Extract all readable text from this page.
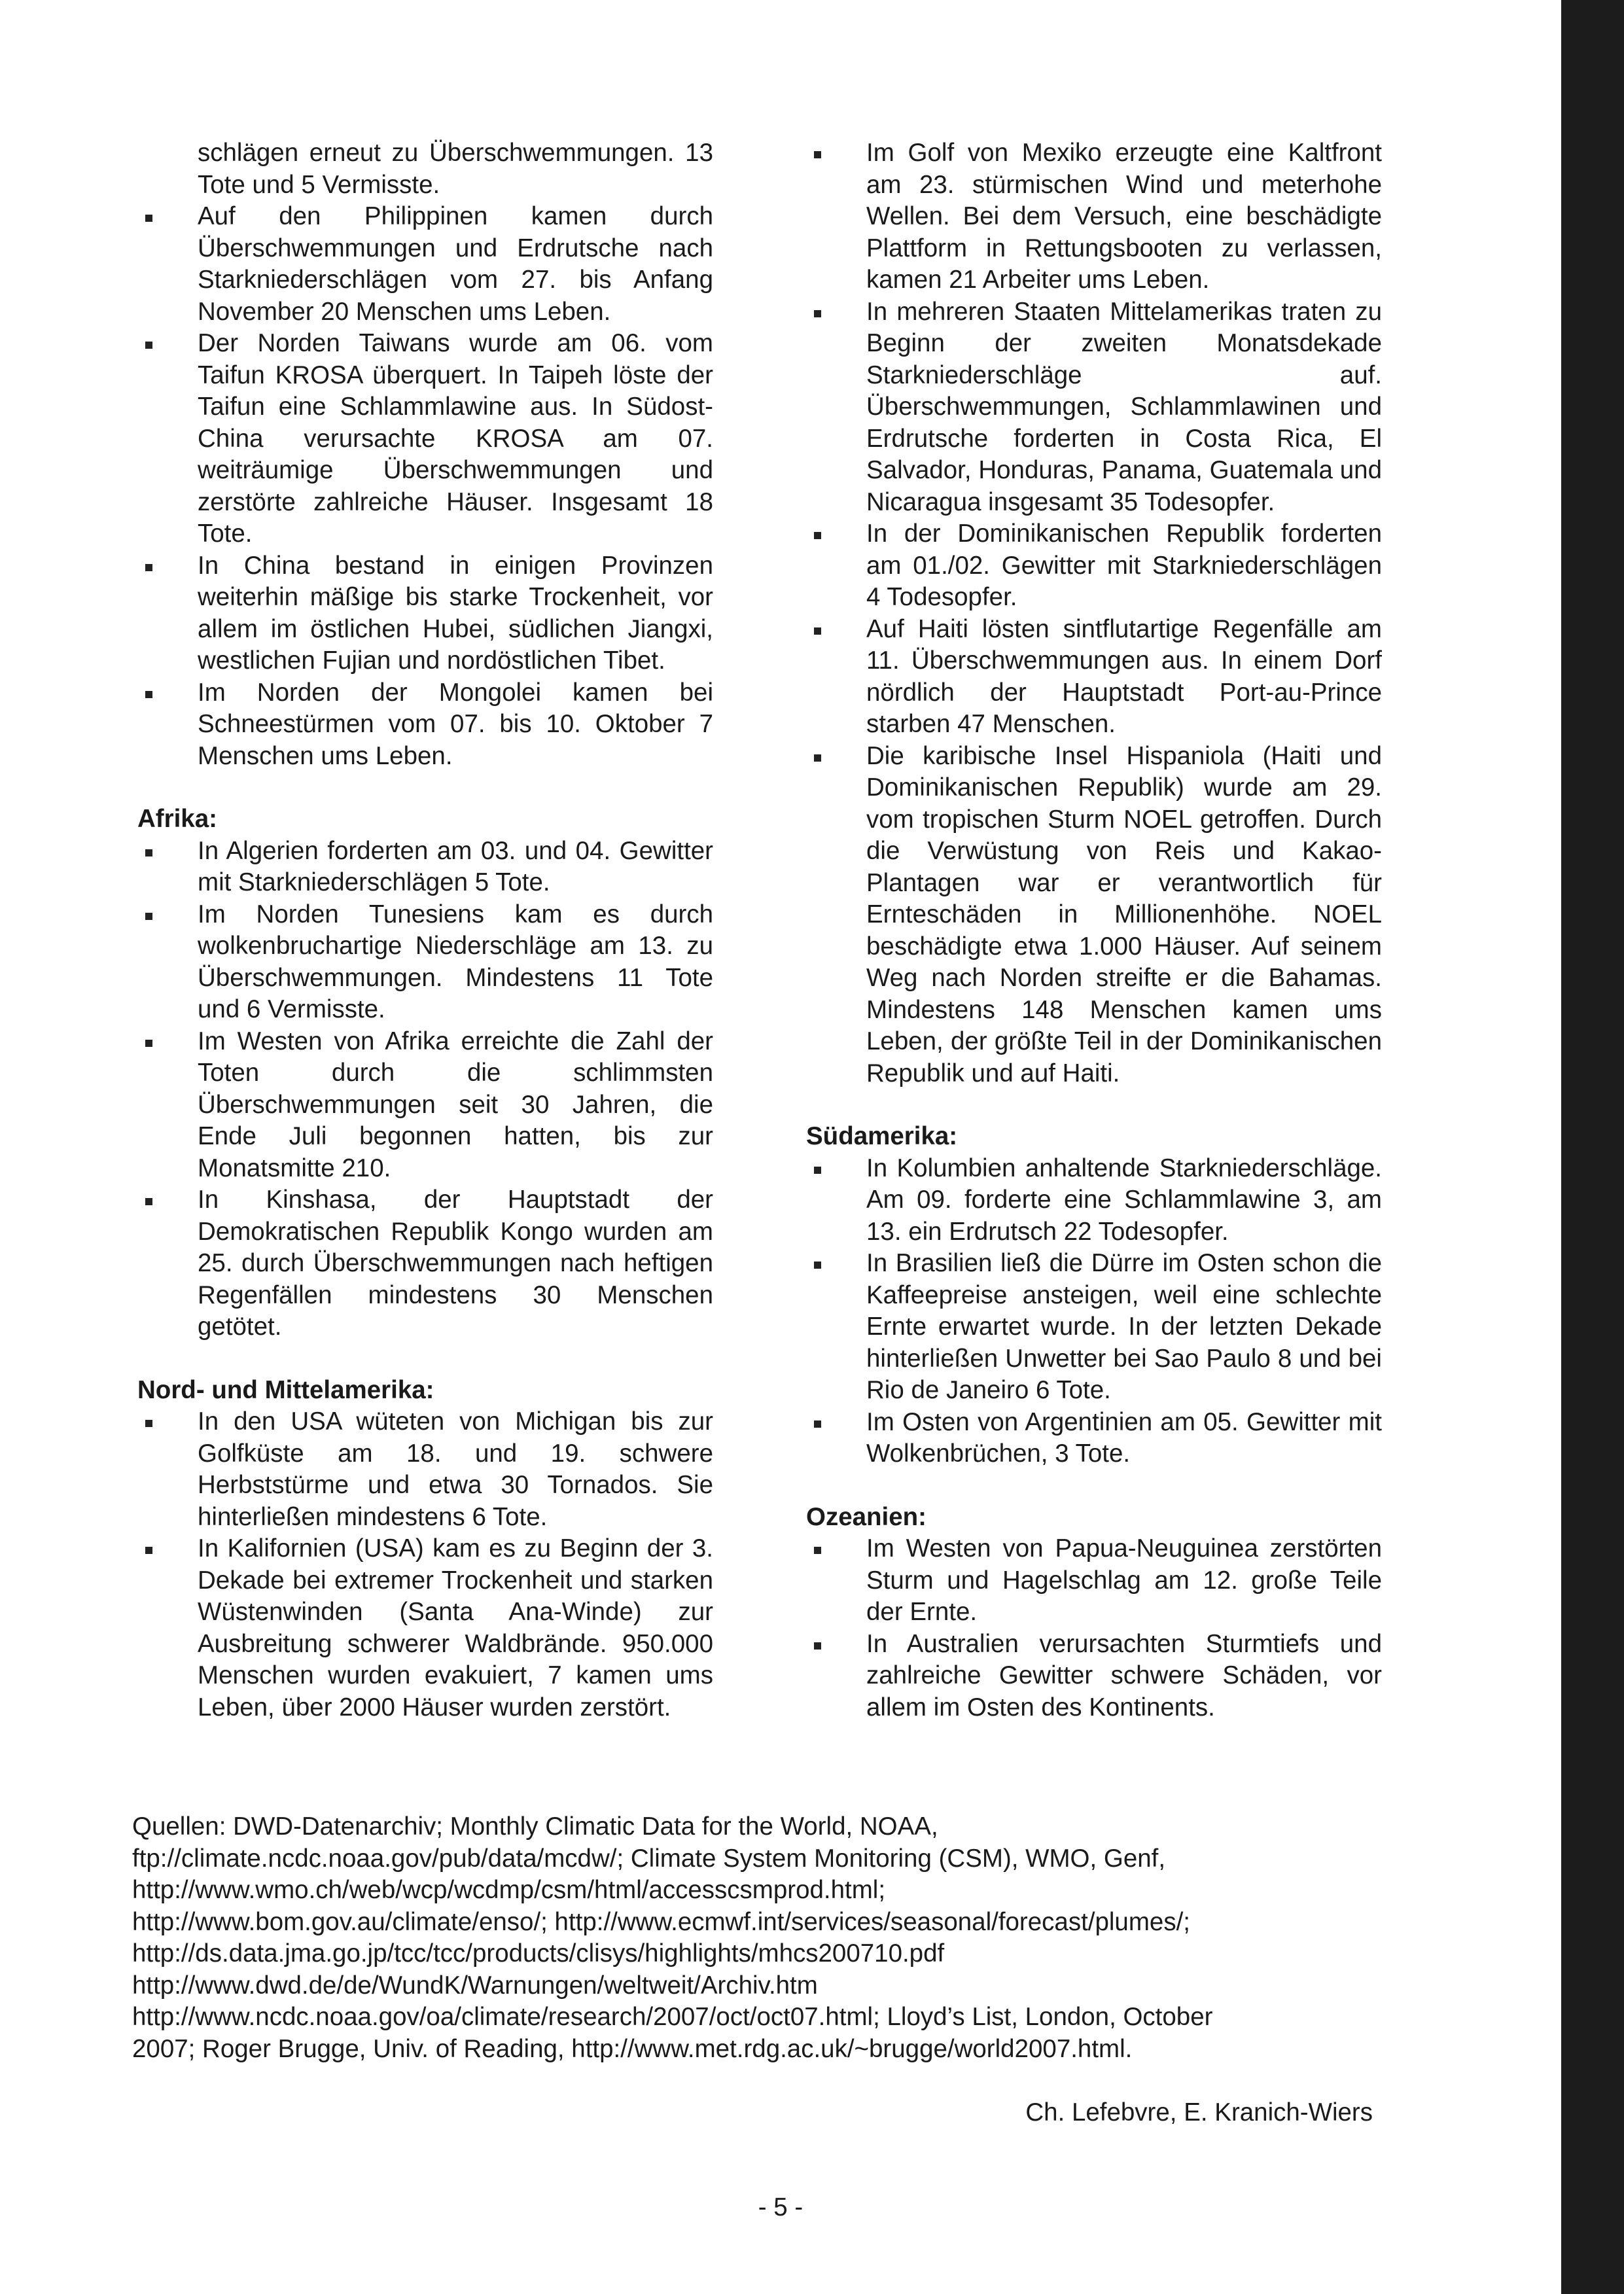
schlägen erneut zu Überschwemmungen. 13 Tote und 5 Vermisste.

Auf den Philippinen kamen durch Überschwemmungen und Erdrutsche nach Starkniederschlägen vom 27. bis Anfang November 20 Menschen ums Leben.

Der Norden Taiwans wurde am 06. vom Taifun KROSA überquert. In Taipeh löste der Taifun eine Schlammlawine aus. In Südost-China verursachte KROSA am 07. weiträumige Überschwemmungen und zerstörte zahlreiche Häuser. Insgesamt 18 Tote.

In China bestand in einigen Provinzen weiterhin mäßige bis starke Trockenheit, vor allem im östlichen Hubei, südlichen Jiangxi, westlichen Fujian und nordöstlichen Tibet.

Im Norden der Mongolei kamen bei Schneestürmen vom 07. bis 10. Oktober 7 Menschen ums Leben.

Afrika:

In Algerien forderten am 03. und 04. Gewitter mit Starkniederschlägen 5 Tote.

Im Norden Tunesiens kam es durch wolkenbruchartige Niederschläge am 13. zu Überschwemmungen. Mindestens 11 Tote und 6 Vermisste.

Im Westen von Afrika erreichte die Zahl der Toten durch die schlimmsten Überschwemmungen seit 30 Jahren, die Ende Juli begonnen hatten, bis zur Monatsmitte 210.

In Kinshasa, der Hauptstadt der Demokratischen Republik Kongo wurden am 25. durch Überschwemmungen nach heftigen Regenfällen mindestens 30 Menschen getötet.

Nord- und Mittelamerika:

In den USA wüteten von Michigan bis zur Golfküste am 18. und 19. schwere Herbststürme und etwa 30 Tornados. Sie hinterließen mindestens 6 Tote.

In Kalifornien (USA) kam es zu Beginn der 3. Dekade bei extremer Trockenheit und starken Wüstenwinden (Santa Ana-Winde) zur Ausbreitung schwerer Waldbrände. 950.000 Menschen wurden evakuiert, 7 kamen ums Leben, über 2000 Häuser wurden zerstört.

Im Golf von Mexiko erzeugte eine Kaltfront am 23. stürmischen Wind und meterhohe Wellen. Bei dem Versuch, eine beschädigte Plattform in Rettungsbooten zu verlassen, kamen 21 Arbeiter ums Leben.

In mehreren Staaten Mittelamerikas traten zu Beginn der zweiten Monatsdekade Starkniederschläge auf. Überschwemmungen, Schlammlawinen und Erdrutsche forderten in Costa Rica, El Salvador, Honduras, Panama, Guatemala und Nicaragua insgesamt 35 Todesopfer.

In der Dominikanischen Republik forderten am 01./02. Gewitter mit Starkniederschlägen 4 Todesopfer.

Auf Haiti lösten sintflutartige Regenfälle am 11. Überschwemmungen aus. In einem Dorf nördlich der Hauptstadt Port-au-Prince starben 47 Menschen.

Die karibische Insel Hispaniola (Haiti und Dominikanischen Republik) wurde am 29. vom tropischen Sturm NOEL getroffen. Durch die Verwüstung von Reis und Kakao-Plantagen war er verantwortlich für Ernteschäden in Millionenhöhe. NOEL beschädigte etwa 1.000 Häuser. Auf seinem Weg nach Norden streifte er die Bahamas. Mindestens 148 Menschen kamen ums Leben, der größte Teil in der Dominikanischen Republik und auf Haiti.

Südamerika:

In Kolumbien anhaltende Starkniederschläge. Am 09. forderte eine Schlammlawine 3, am 13. ein Erdrutsch 22 Todesopfer.

In Brasilien ließ die Dürre im Osten schon die Kaffeepreise ansteigen, weil eine schlechte Ernte erwartet wurde. In der letzten Dekade hinterließen Unwetter bei Sao Paulo 8 und bei Rio de Janeiro 6 Tote.

Im Osten von Argentinien am 05. Gewitter mit Wolkenbrüchen, 3 Tote.

Ozeanien:

Im Westen von Papua-Neuguinea zerstörten Sturm und Hagelschlag am 12. große Teile der Ernte.

In Australien verursachten Sturmtiefs und zahlreiche Gewitter schwere Schäden, vor allem im Osten des Kontinents.

Quellen: DWD-Datenarchiv; Monthly Climatic Data for the World, NOAA,

ftp://climate.ncdc.noaa.gov/pub/data/mcdw/; Climate System Monitoring (CSM), WMO, Genf,

http://www.wmo.ch/web/wcp/wcdmp/csm/html/accesscsmprod.html;

http://www.bom.gov.au/climate/enso/; http://www.ecmwf.int/services/seasonal/forecast/plumes/;

http://ds.data.jma.go.jp/tcc/tcc/products/clisys/highlights/mhcs200710.pdf

http://www.dwd.de/de/WundK/Warnungen/weltweit/Archiv.htm

http://www.ncdc.noaa.gov/oa/climate/research/2007/oct/oct07.html; Lloyd’s List, London, October

2007; Roger Brugge, Univ. of Reading, http://www.met.rdg.ac.uk/~brugge/world2007.html.

Ch. Lefebvre, E. Kranich-Wiers
- 5 -
